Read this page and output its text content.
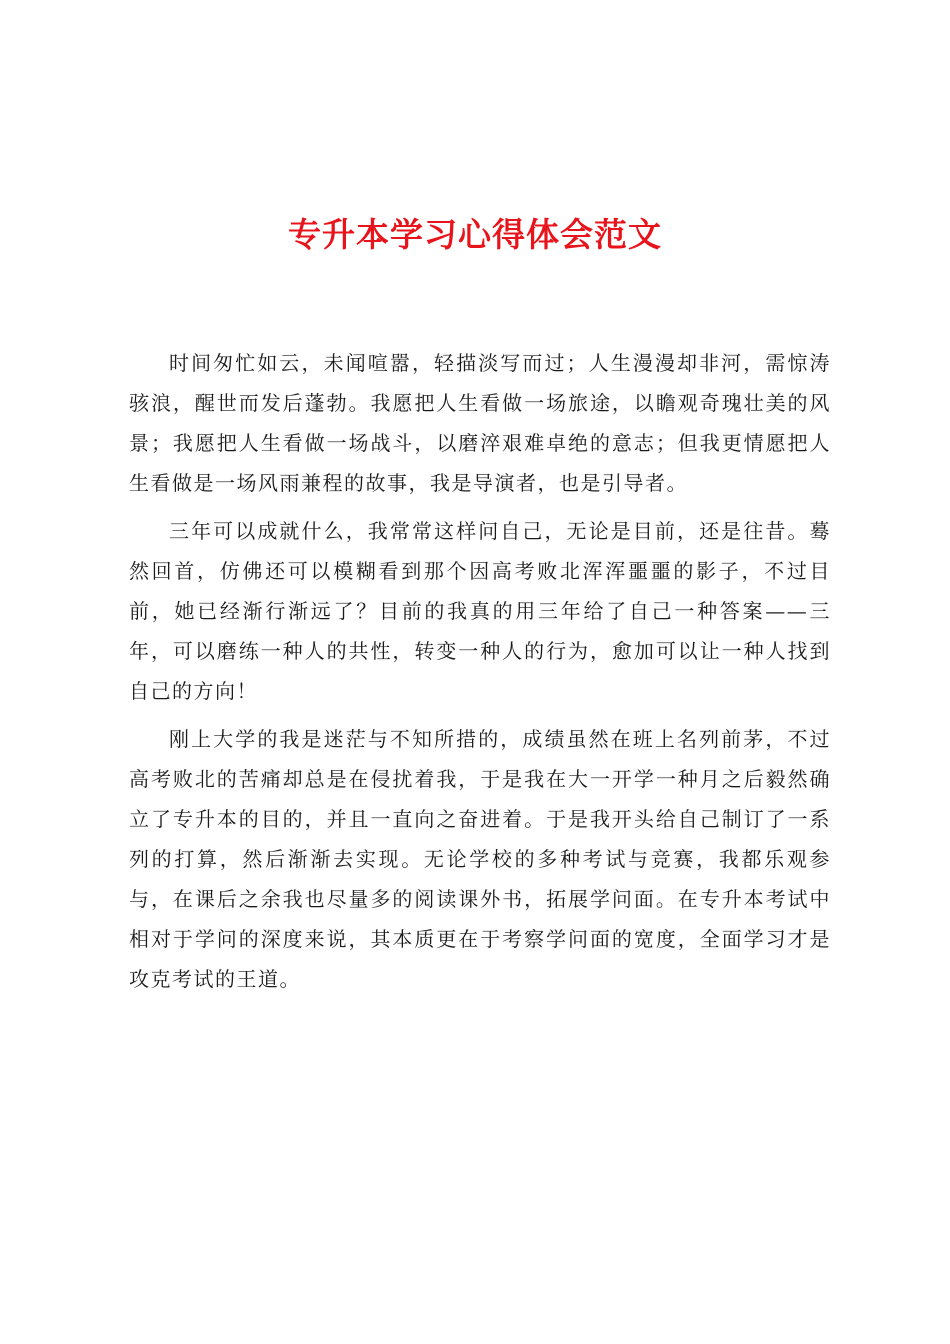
专升本学习心得体会范文

时间匆忙如云，未闻喧嚣，轻描淡写而过；人生漫漫却非河，需惊涛骇浪，醒世而发后蓬勃。我愿把人生看做一场旅途，以瞻观奇瑰壮美的风景；我愿把人生看做一场战斗，以磨淬艰难卓绝的意志；但我更情愿把人生看做是一场风雨兼程的故事，我是导演者，也是引导者。

三年可以成就什么，我常常这样问自己，无论是目前，还是往昔。蓦然回首，仿佛还可以模糊看到那个因高考败北浑浑噩噩的影子，不过目前，她已经渐行渐远了？目前的我真的用三年给了自己一种答案——三年，可以磨练一种人的共性，转变一种人的行为，愈加可以让一种人找到自己的方向！

刚上大学的我是迷茫与不知所措的，成绩虽然在班上名列前茅，不过高考败北的苦痛却总是在侵扰着我，于是我在大一开学一种月之后毅然确立了专升本的目的，并且一直向之奋进着。于是我开头给自己制订了一系列的打算，然后渐渐去实现。无论学校的多种考试与竞赛，我都乐观参与，在课后之余我也尽量多的阅读课外书，拓展学问面。在专升本考试中相对于学问的深度来说，其本质更在于考察学问面的宽度，全面学习才是攻克考试的王道。
